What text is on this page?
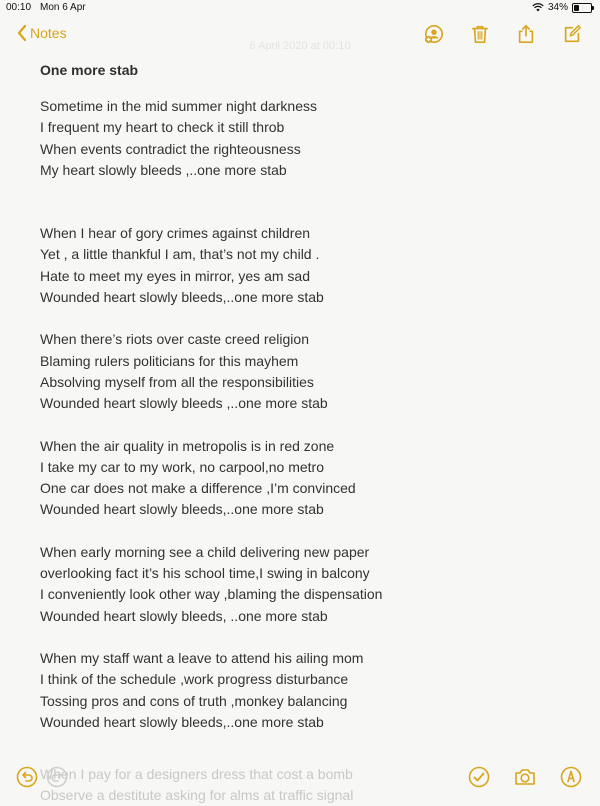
00:10 Mon 6 Apr	34%
Notes
6 April 2020 at 00:10
One more stab
Sometime in the mid summer night darkness
I frequent my heart to check it still throb
When events contradict the righteousness
My heart slowly bleeds ,..one more stab
When I hear of gory crimes against children
Yet , a little thankful I am, that’s not my child .
Hate to meet my eyes in mirror, yes am sad
Wounded heart slowly bleeds,..one more stab
When there’s riots over caste creed religion
Blaming rulers politicians for this mayhem
Absolving myself from all the responsibilities
Wounded heart slowly bleeds ,..one more stab
When the air quality in metropolis is in red zone
I take my car to my work, no carpool,no metro
One car does not make a difference ,I’m convinced
Wounded heart slowly bleeds,..one more stab
When early morning see a child delivering new paper
overlooking fact it’s his school time,I swing in balcony
I conveniently look other way ,blaming the dispensation
Wounded heart slowly bleeds, ..one more stab
When my staff want a leave to attend his ailing mom
I think of the schedule ,work progress disturbance
Tossing pros and cons of truth ,monkey balancing
Wounded heart slowly bleeds,..one more stab
When I pay for a designers dress that cost a bomb
Observe a destitute asking for alms at traffic signal
